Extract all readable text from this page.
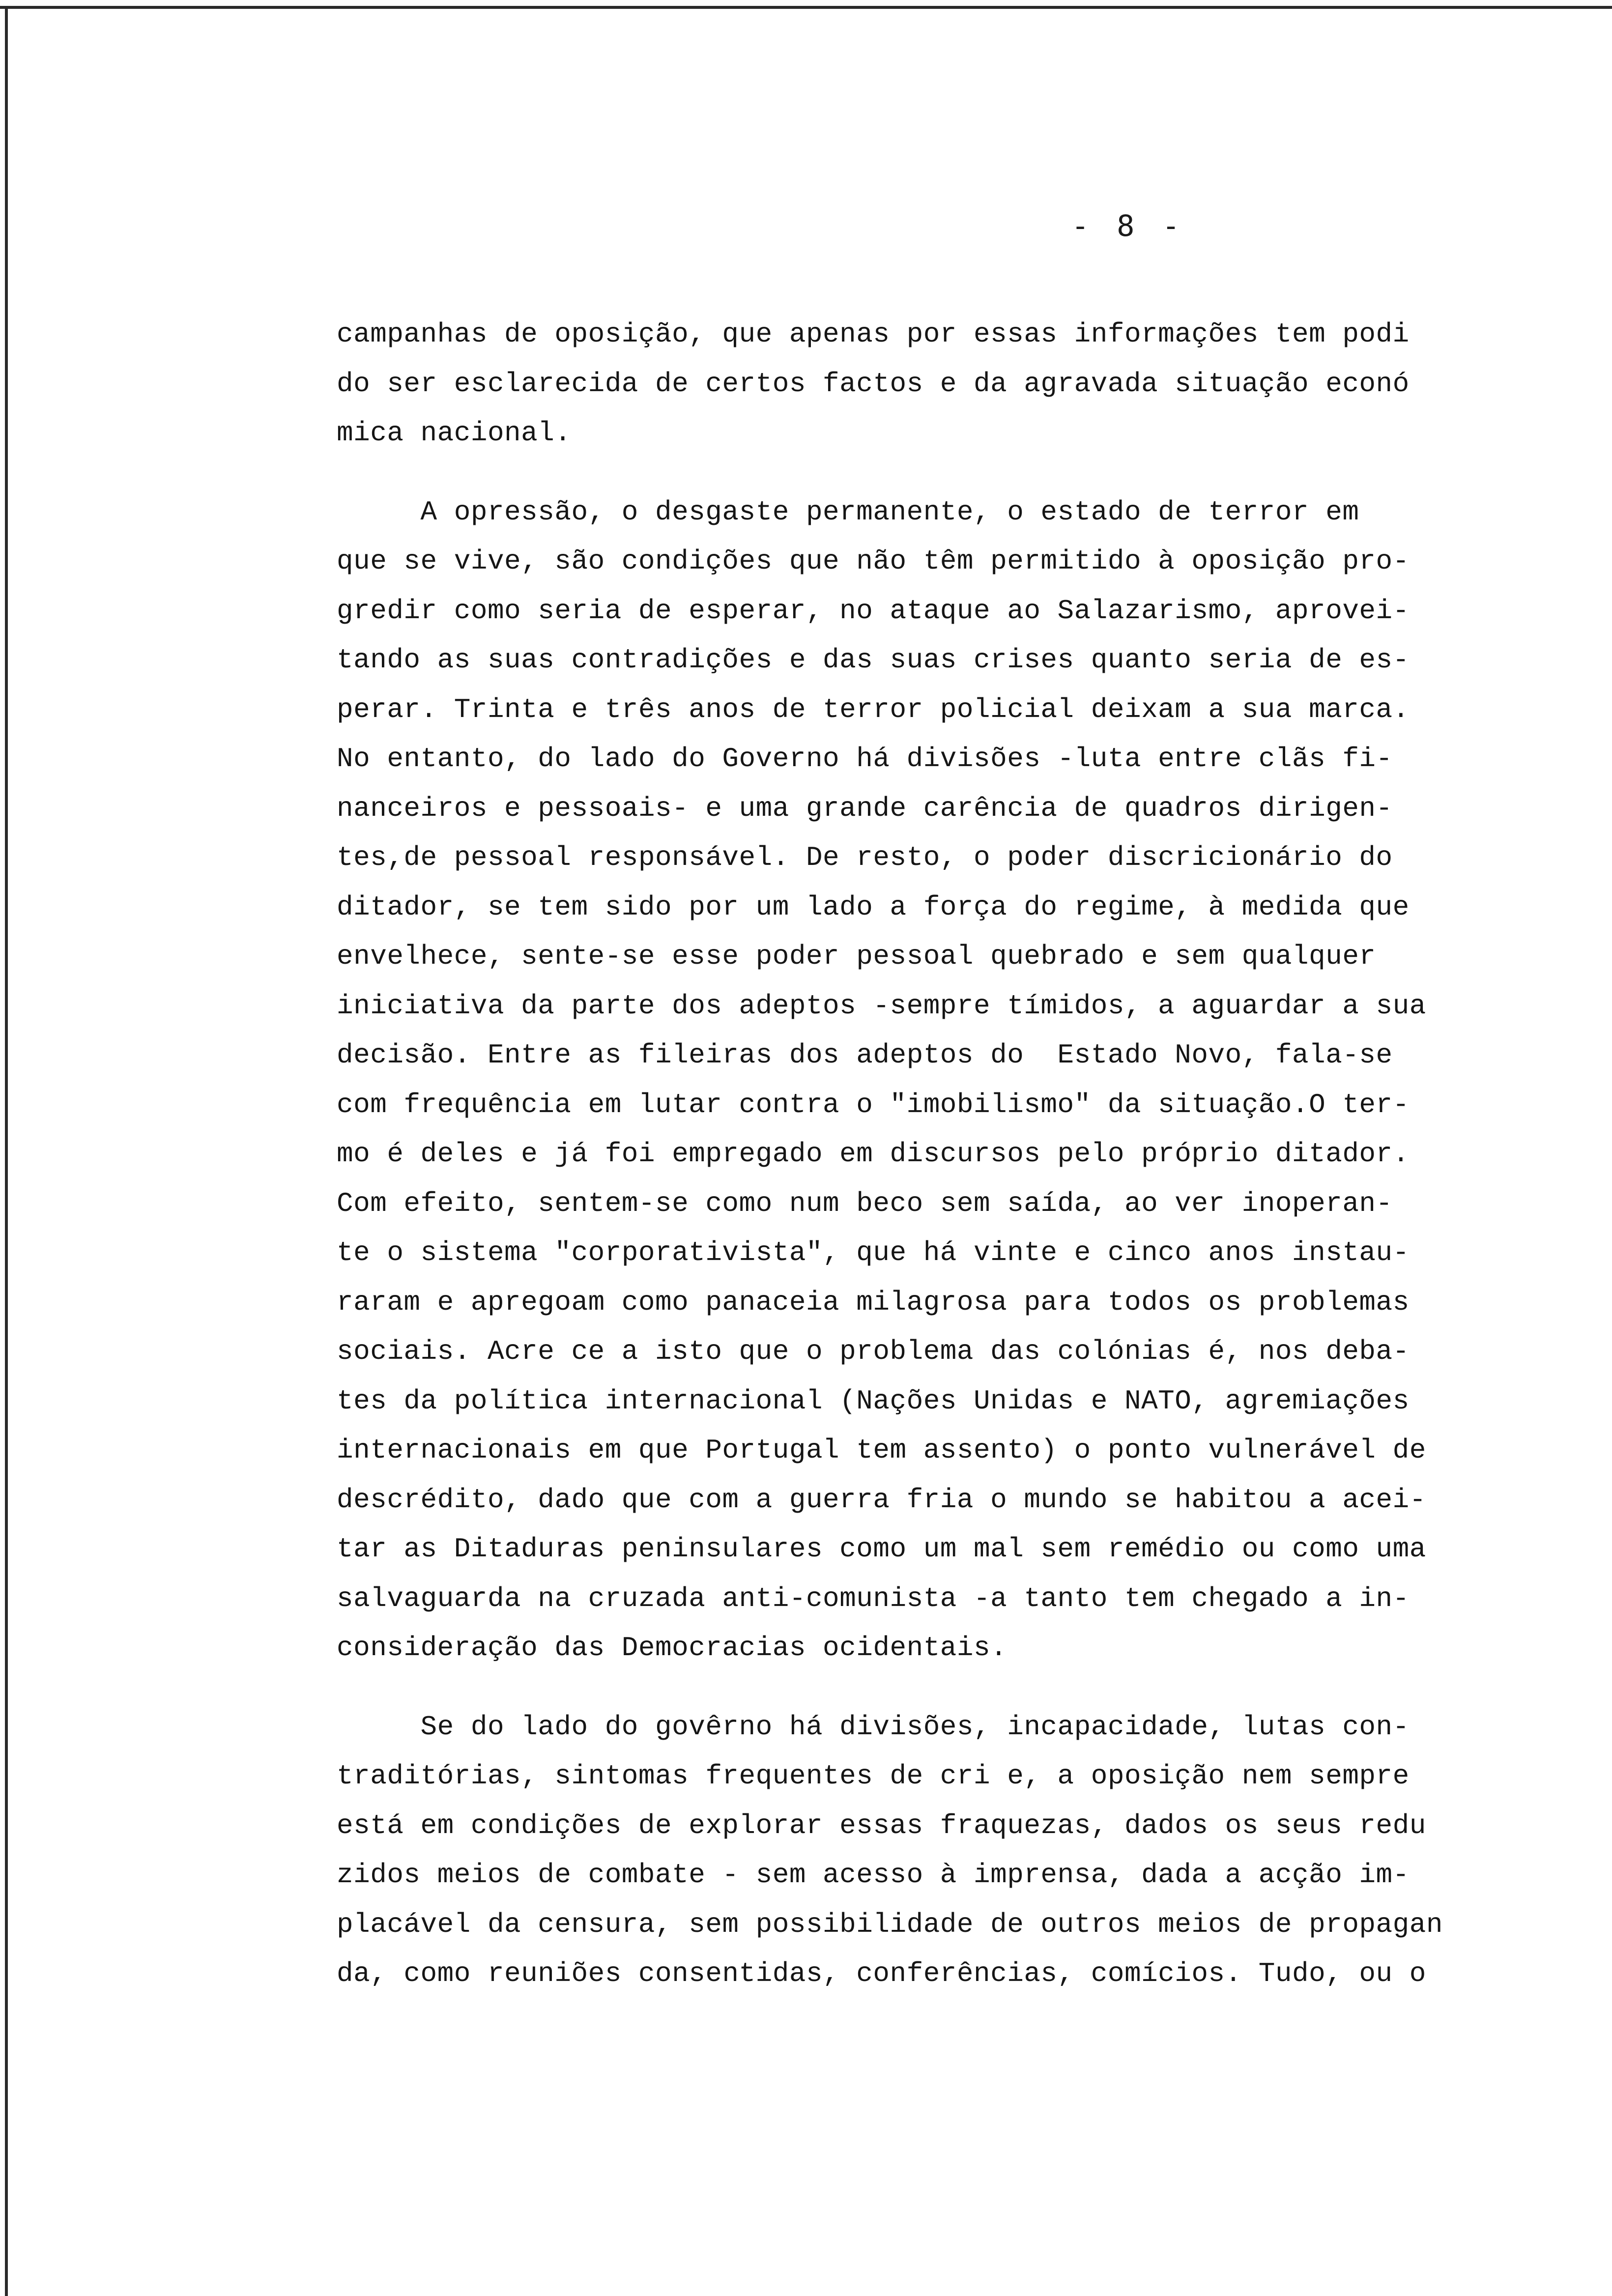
- 8 -
campanhas de oposição, que apenas por essas informações tem podi
do ser esclarecida de certos factos e da agravada situação econó
mica nacional.
A opressão, o desgaste permanente, o estado de terror em
que se vive, são condições que não têm permitido à oposição pro-
gredir como seria de esperar, no ataque ao Salazarismo, aprovei-
tando as suas contradições e das suas crises quanto seria de es-
perar. Trinta e três anos de terror policial deixam a sua marca.
No entanto, do lado do Governo há divisões -luta entre clãs fi-
nanceiros e pessoais- e uma grande carência de quadros dirigen-
tes,de pessoal responsável. De resto, o poder discricionário do
ditador, se tem sido por um lado a força do regime, à medida que
envelhece, sente-se esse poder pessoal quebrado e sem qualquer
iniciativa da parte dos adeptos -sempre tímidos, a aguardar a sua
decisão. Entre as fileiras dos adeptos do  Estado Novo, fala-se
com frequência em lutar contra o "imobilismo" da situação.O ter-
mo é deles e já foi empregado em discursos pelo próprio ditador.
Com efeito, sentem-se como num beco sem saída, ao ver inoperan-
te o sistema "corporativista", que há vinte e cinco anos instau-
raram e apregoam como panaceia milagrosa para todos os problemas
sociais. Acre ce a isto que o problema das colónias é, nos deba-
tes da política internacional (Nações Unidas e NATO, agremiações
internacionais em que Portugal tem assento) o ponto vulnerável de
descrédito, dado que com a guerra fria o mundo se habitou a acei-
tar as Ditaduras peninsulares como um mal sem remédio ou como uma
salvaguarda na cruzada anti-comunista -a tanto tem chegado a in-
consideração das Democracias ocidentais.
Se do lado do govêrno há divisões, incapacidade, lutas con-
traditórias, sintomas frequentes de cri e, a oposição nem sempre
está em condições de explorar essas fraquezas, dados os seus redu
zidos meios de combate - sem acesso à imprensa, dada a acção im-
placável da censura, sem possibilidade de outros meios de propagan
da, como reuniões consentidas, conferências, comícios. Tudo, ou o
